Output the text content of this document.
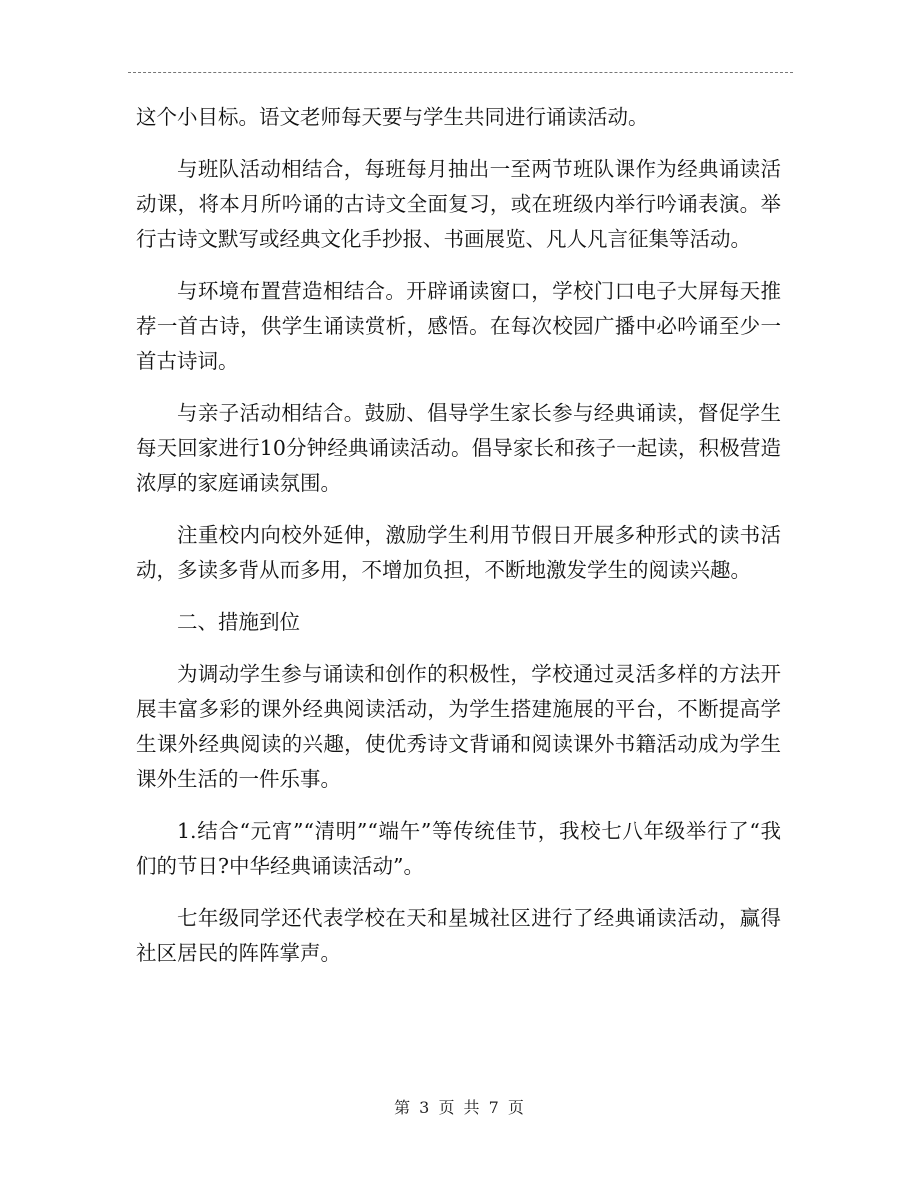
这个小目标。语文老师每天要与学生共同进行诵读活动。

与班队活动相结合，每班每月抽出一至两节班队课作为经典诵读活动课，将本月所吟诵的古诗文全面复习，或在班级内举行吟诵表演。举行古诗文默写或经典文化手抄报、书画展览、凡人凡言征集等活动。

与环境布置营造相结合。开辟诵读窗口，学校门口电子大屏每天推荐一首古诗，供学生诵读赏析，感悟。在每次校园广播中必吟诵至少一首古诗词。

与亲子活动相结合。鼓励、倡导学生家长参与经典诵读，督促学生每天回家进行10分钟经典诵读活动。倡导家长和孩子一起读，积极营造浓厚的家庭诵读氛围。

注重校内向校外延伸，激励学生利用节假日开展多种形式的读书活动，多读多背从而多用，不增加负担，不断地激发学生的阅读兴趣。

二、措施到位

为调动学生参与诵读和创作的积极性，学校通过灵活多样的方法开展丰富多彩的课外经典阅读活动，为学生搭建施展的平台，不断提高学生课外经典阅读的兴趣，使优秀诗文背诵和阅读课外书籍活动成为学生课外生活的一件乐事。

1.结合“元宵”“清明”“端午”等传统佳节，我校七八年级举行了“我们的节日?中华经典诵读活动”。

七年级同学还代表学校在天和星城社区进行了经典诵读活动，赢得社区居民的阵阵掌声。

第 3 页 共 7 页
